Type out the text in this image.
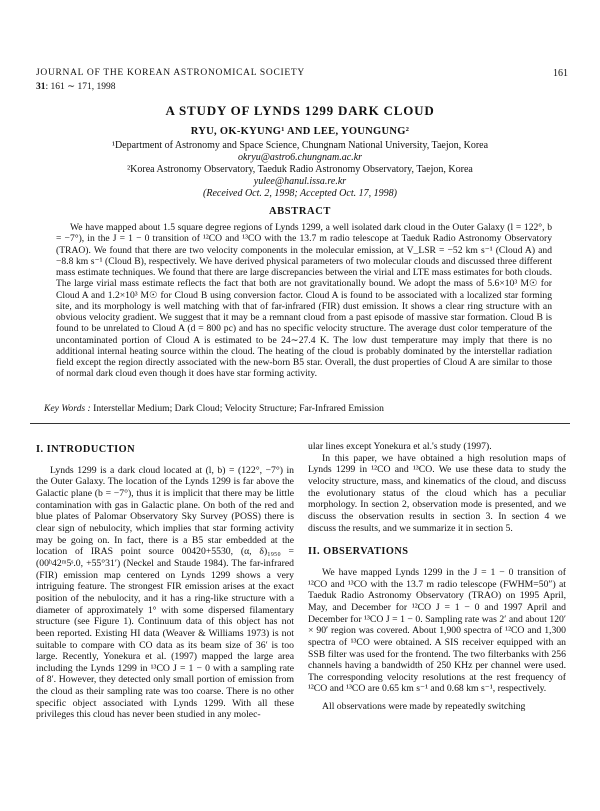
JOURNAL OF THE KOREAN ASTRONOMICAL SOCIETY
31: 161 ∼ 171, 1998
161
A STUDY OF LYNDS 1299 DARK CLOUD
RYU, OK-KYUNG¹ AND LEE, YOUNGUNG²
¹Department of Astronomy and Space Science, Chungnam National University, Taejon, Korea
okryu@astro6.chungnam.ac.kr
²Korea Astronomy Observatory, Taeduk Radio Astronomy Observatory, Taejon, Korea
yulee@hanul.issa.re.kr
(Received Oct. 2, 1998; Accepted Oct. 17, 1998)
ABSTRACT
We have mapped about 1.5 square degree regions of Lynds 1299, a well isolated dark cloud in the Outer Galaxy (l = 122°, b = −7°), in the J = 1 − 0 transition of ¹²CO and ¹³CO with the 13.7 m radio telescope at Taeduk Radio Astronomy Observatory (TRAO). We found that there are two velocity components in the molecular emission, at V_LSR = −52 km s⁻¹ (Cloud A) and −8.8 km s⁻¹ (Cloud B), respectively. We have derived physical parameters of two molecular clouds and discussed three different mass estimate techniques. We found that there are large discrepancies between the virial and LTE mass estimates for both clouds. The large virial mass estimate reflects the fact that both are not gravitationally bound. We adopt the mass of 5.6×10³ M☉ for Cloud A and 1.2×10³ M☉ for Cloud B using conversion factor. Cloud A is found to be associated with a localized star forming site, and its morphology is well matching with that of far-infrared (FIR) dust emission. It shows a clear ring structure with an obvious velocity gradient. We suggest that it may be a remnant cloud from a past episode of massive star formation. Cloud B is found to be unrelated to Cloud A (d = 800 pc) and has no specific velocity structure. The average dust color temperature of the uncontaminated portion of Cloud A is estimated to be 24∼27.4 K. The low dust temperature may imply that there is no additional internal heating source within the cloud. The heating of the cloud is probably dominated by the interstellar radiation field except the region directly associated with the new-born B5 star. Overall, the dust properties of Cloud A are similar to those of normal dark cloud even though it does have star forming activity.
Key Words : Interstellar Medium; Dark Cloud; Velocity Structure; Far-Infrared Emission
I. INTRODUCTION

Lynds 1299 is a dark cloud located at (l, b) = (122°, −7°) in the Outer Galaxy. The location of the Lynds 1299 is far above the Galactic plane (b = −7°), thus it is implicit that there may be little contamination with gas in Galactic plane. On both of the red and blue plates of Palomar Observatory Sky Survey (POSS) there is clear sign of nebulocity, which implies that star forming activity may be going on. In fact, there is a B5 star embedded at the location of IRAS point source 00420+5530, (α, δ)₁₉₅₀ = (00ʰ42ᵐ5ˢ.0, +55°31′) (Neckel and Staude 1984). The far-infrared (FIR) emission map centered on Lynds 1299 shows a very intriguing feature. The strongest FIR emission arises at the exact position of the nebulocity, and it has a ring-like structure with a diameter of approximately 1° with some dispersed filamentary structure (see Figure 1). Continuum data of this object has not been reported. Existing HI data (Weaver & Williams 1973) is not suitable to compare with CO data as its beam size of 36′ is too large. Recently, Yonekura et al. (1997) mapped the large area including the Lynds 1299 in ¹³CO J = 1 − 0 with a sampling rate of 8′. However, they detected only small portion of emission from the cloud as their sampling rate was too coarse. There is no other specific object associated with Lynds 1299. With all these privileges this cloud has never been studied in any molec-

ular lines except Yonekura et al.'s study (1997).

In this paper, we have obtained a high resolution maps of Lynds 1299 in ¹²CO and ¹³CO. We use these data to study the velocity structure, mass, and kinematics of the cloud, and discuss the evolutionary status of the cloud which has a peculiar morphology. In section 2, observation mode is presented, and we discuss the observation results in section 3. In section 4 we discuss the results, and we summarize it in section 5.

II. OBSERVATIONS

We have mapped Lynds 1299 in the J = 1 − 0 transition of ¹²CO and ¹³CO with the 13.7 m radio telescope (FWHM=50″) at Taeduk Radio Astronomy Observatory (TRAO) on 1995 April, May, and December for ¹²CO J = 1 − 0 and 1997 April and December for ¹³CO J = 1 − 0. Sampling rate was 2′ and about 120′ × 90′ region was covered. About 1,900 spectra of ¹²CO and 1,300 spectra of ¹³CO were obtained. A SIS receiver equipped with an SSB filter was used for the frontend. The two filterbanks with 256 channels having a bandwidth of 250 KHz per channel were used. The corresponding velocity resolutions at the rest frequency of ¹²CO and ¹³CO are 0.65 km s⁻¹ and 0.68 km s⁻¹, respectively.

All observations were made by repeatedly switching
